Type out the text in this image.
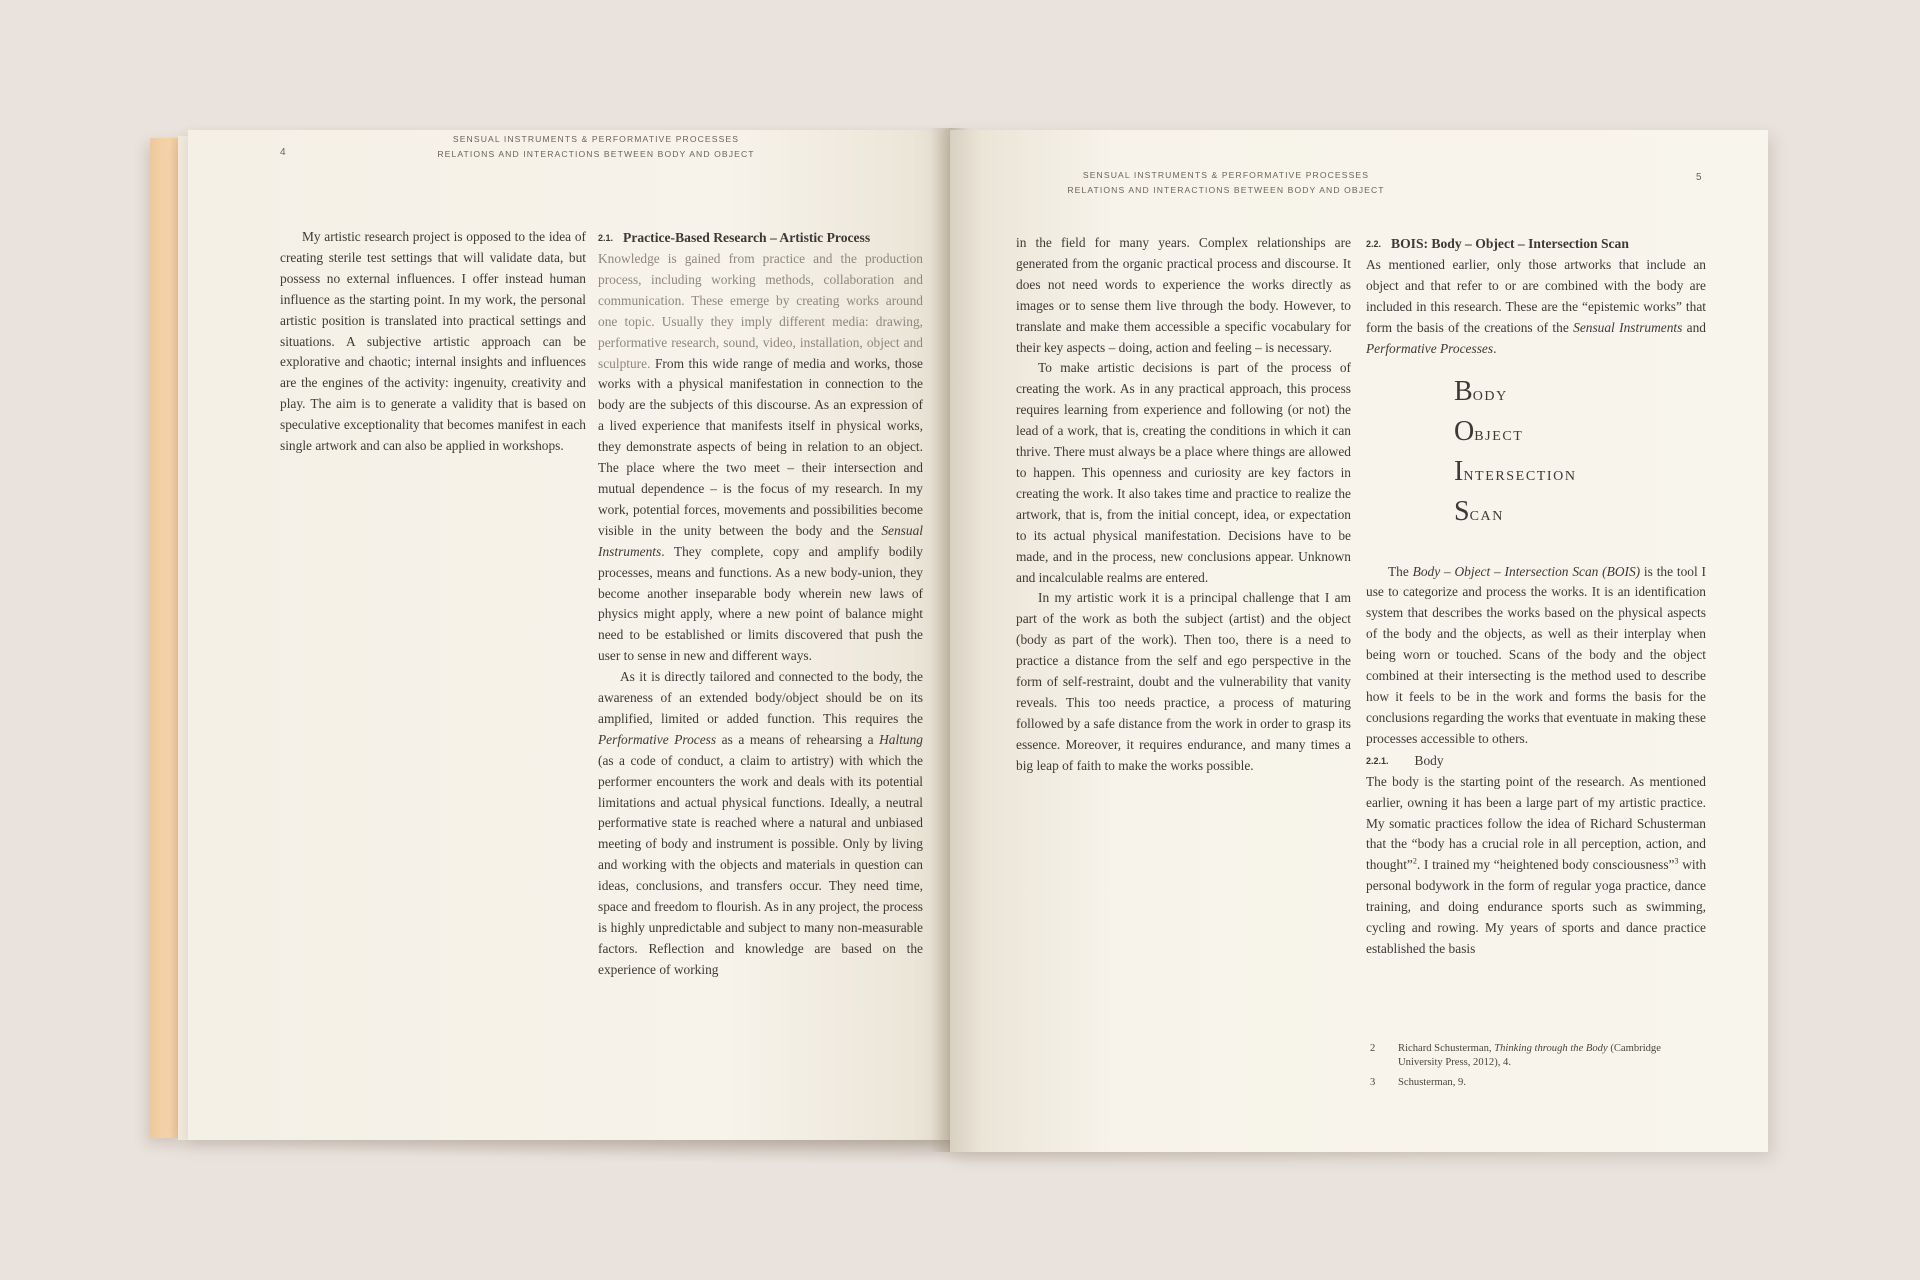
4
SENSUAL INSTRUMENTS & PERFORMATIVE PROCESSES
RELATIONS AND INTERACTIONS BETWEEN BODY AND OBJECT

My artistic research project is opposed to the idea of creating sterile test settings that will validate data, but possess no external influences. I offer instead human influence as the starting point. In my work, the personal artistic position is translated into practical settings and situations. A subjective artistic approach can be explorative and chaotic; internal insights and influences are the engines of the activity: ingenuity, creativity and play. The aim is to generate a validity that is based on speculative exceptionality that becomes manifest in each single artwork and can also be applied in workshops.

2.1. Practice-Based Research – Artistic Process

Knowledge is gained from practice and the production process, including working methods, collaboration and communication. These emerge by creating works around one topic. Usually they imply different media: drawing, performative research, sound, video, installation, object and sculpture. From this wide range of media and works, those works with a physical manifestation in connection to the body are the subjects of this discourse. As an expression of a lived experience that manifests itself in physical works, they demonstrate aspects of being in relation to an object. The place where the two meet – their intersection and mutual dependence – is the focus of my research. In my work, potential forces, movements and possibilities become visible in the unity between the body and the Sensual Instruments. They complete, copy and amplify bodily processes, means and functions. As a new body-union, they become another inseparable body wherein new laws of physics might apply, where a new point of balance might need to be established or limits discovered that push the user to sense in new and different ways.

As it is directly tailored and connected to the body, the awareness of an extended body/object should be on its amplified, limited or added function. This requires the Performative Process as a means of rehearsing a Haltung (as a code of conduct, a claim to artistry) with which the performer encounters the work and deals with its potential limitations and actual physical functions. Ideally, a neutral performative state is reached where a natural and unbiased meeting of body and instrument is possible. Only by living and working with the objects and materials in question can ideas, conclusions, and transfers occur. They need time, space and freedom to flourish. As in any project, the process is highly unpredictable and subject to many non-measurable factors. Reflection and knowledge are based on the experience of working

SENSUAL INSTRUMENTS & PERFORMATIVE PROCESSES
RELATIONS AND INTERACTIONS BETWEEN BODY AND OBJECT
5

in the field for many years. Complex relationships are generated from the organic practical process and discourse. It does not need words to experience the works directly as images or to sense them live through the body. However, to translate and make them accessible a specific vocabulary for their key aspects – doing, action and feeling – is necessary.

To make artistic decisions is part of the process of creating the work. As in any practical approach, this process requires learning from experience and following (or not) the lead of a work, that is, creating the conditions in which it can thrive. There must always be a place where things are allowed to happen. This openness and curiosity are key factors in creating the work. It also takes time and practice to realize the artwork, that is, from the initial concept, idea, or expectation to its actual physical manifestation. Decisions have to be made, and in the process, new conclusions appear. Unknown and incalculable realms are entered.

In my artistic work it is a principal challenge that I am part of the work as both the subject (artist) and the object (body as part of the work). Then too, there is a need to practice a distance from the self and ego perspective in the form of self-restraint, doubt and the vulnerability that vanity reveals. This too needs practice, a process of maturing followed by a safe distance from the work in order to grasp its essence. Moreover, it requires endurance, and many times a big leap of faith to make the works possible.

2.2. BOIS: Body – Object – Intersection Scan

As mentioned earlier, only those artworks that include an object and that refer to or are combined with the body are included in this research. These are the “epistemic works” that form the basis of the creations of the Sensual Instruments and Performative Processes.

BODY
OBJECT
INTERSECTION
SCAN

The Body – Object – Intersection Scan (BOIS) is the tool I use to categorize and process the works. It is an identification system that describes the works based on the physical aspects of the body and the objects, as well as their interplay when being worn or touched. Scans of the body and the object combined at their intersecting is the method used to describe how it feels to be in the work and forms the basis for the conclusions regarding the works that eventuate in making these processes accessible to others.

2.2.1. Body

The body is the starting point of the research. As mentioned earlier, owning it has been a large part of my artistic practice. My somatic practices follow the idea of Richard Schusterman that the “body has a crucial role in all perception, action, and thought”$^2$. I trained my “heightened body consciousness”$^3$ with personal bodywork in the form of regular yoga practice, dance training, and doing endurance sports such as swimming, cycling and rowing. My years of sports and dance practice established the basis

2	Richard Schusterman, Thinking through the Body (Cambridge University Press, 2012), 4.
3	Schusterman, 9.
